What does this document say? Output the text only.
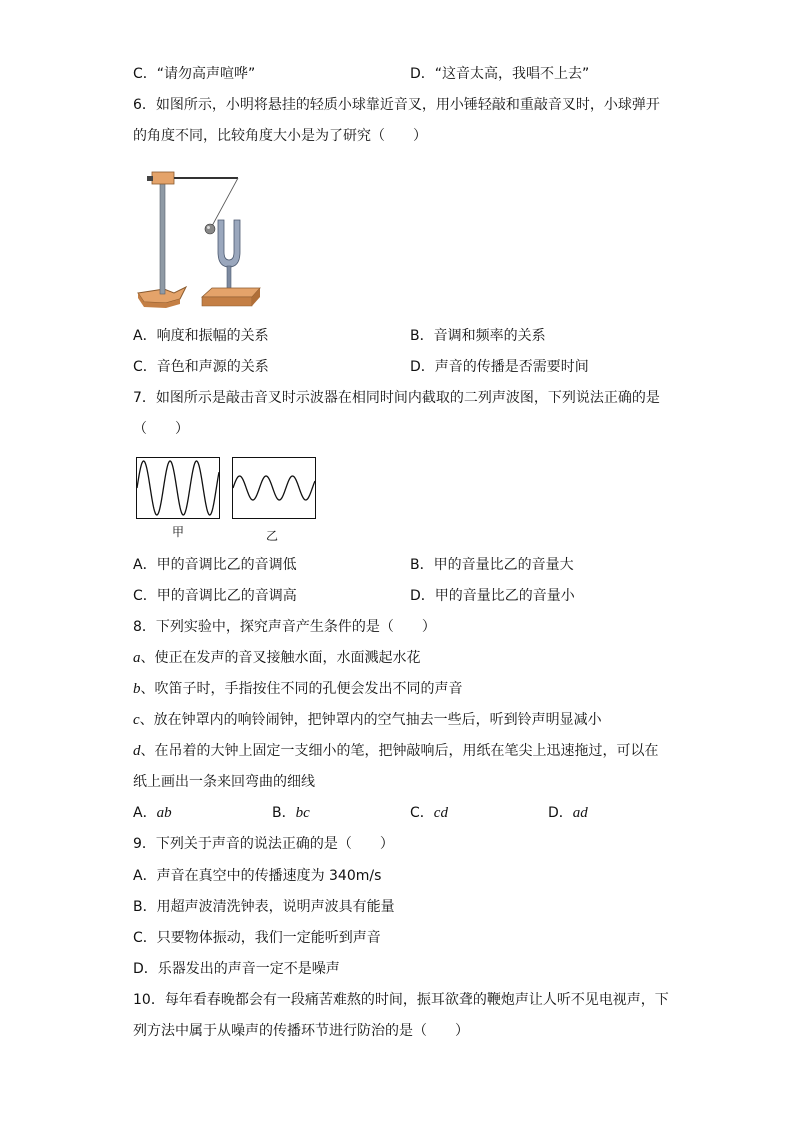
C．“请勿高声喧哗”	D．“这音太高，我唱不上去”
6．如图所示，小明将悬挂的轻质小球靠近音叉，用小锤轻敲和重敲音叉时，小球弹开
的角度不同，比较角度大小是为了研究（　　）
A．响度和振幅的关系	B．音调和频率的关系
C．音色和声源的关系	D．声音的传播是否需要时间
7．如图所示是敲击音叉时示波器在相同时间内截取的二列声波图，下列说法正确的是
（　　）
甲	乙
A．甲的音调比乙的音调低	B．甲的音量比乙的音量大
C．甲的音调比乙的音调高	D．甲的音量比乙的音量小
8．下列实验中，探究声音产生条件的是（　　）
a、使正在发声的音叉接触水面，水面溅起水花
b、吹笛子时，手指按住不同的孔便会发出不同的声音
c、放在钟罩内的响铃闹钟，把钟罩内的空气抽去一些后，听到铃声明显减小
d、在吊着的大钟上固定一支细小的笔，把钟敲响后，用纸在笔尖上迅速拖过，可以在
纸上画出一条来回弯曲的细线
A．ab	B．bc	C．cd	D．ad
9．下列关于声音的说法正确的是（　　）
A．声音在真空中的传播速度为 340m/s
B．用超声波清洗钟表，说明声波具有能量
C．只要物体振动，我们一定能听到声音
D．乐器发出的声音一定不是噪声
10．每年看春晚都会有一段痛苦难熬的时间，振耳欲聋的鞭炮声让人听不见电视声，下
列方法中属于从噪声的传播环节进行防治的是（　　）
